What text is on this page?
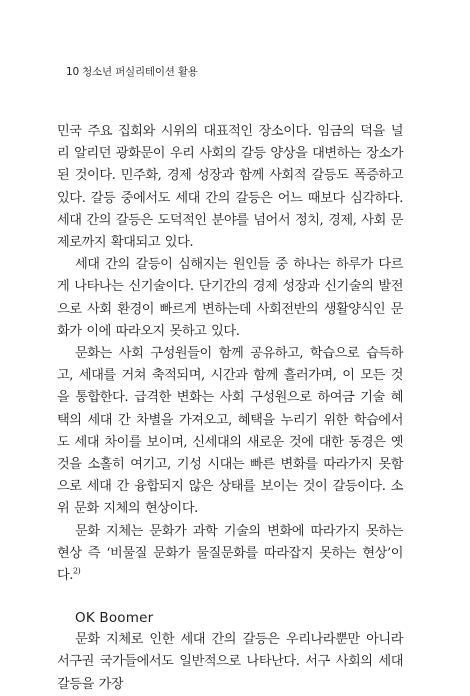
10 청소년 퍼실리테이션 활용

민국 주요 집회와 시위의 대표적인 장소이다. 임금의 덕을 널리 알리던 광화문이 우리 사회의 갈등 양상을 대변하는 장소가 된 것이다. 민주화, 경제 성장과 함께 사회적 갈등도 폭증하고 있다. 갈등 중에서도 세대 간의 갈등은 어느 때보다 심각하다. 세대 간의 갈등은 도덕적인 분야를 넘어서 정치, 경제, 사회 문제로까지 확대되고 있다.

세대 간의 갈등이 심해지는 원인들 중 하나는 하루가 다르게 나타나는 신기술이다. 단기간의 경제 성장과 신기술의 발전으로 사회 환경이 빠르게 변하는데 사회전반의 생활양식인 문화가 이에 따라오지 못하고 있다.

문화는 사회 구성원들이 함께 공유하고, 학습으로 습득하고, 세대를 거쳐 축적되며, 시간과 함께 흘러가며, 이 모든 것을 통합한다. 급격한 변화는 사회 구성원으로 하여금 기술 혜택의 세대 간 차별을 가져오고, 혜택을 누리기 위한 학습에서도 세대 차이를 보이며, 신세대의 새로운 것에 대한 동경은 옛것을 소홀히 여기고, 기성 시대는 빠른 변화를 따라가지 못함으로 세대 간 융합되지 않은 상태를 보이는 것이 갈등이다. 소위 문화 지체의 현상이다.

문화 지체는 문화가 과학 기술의 변화에 따라가지 못하는 현상 즉 ‘비물질 문화가 물질문화를 따라잡지 못하는 현상’이다.$^{2)}$

OK Boomer

문화 지체로 인한 세대 간의 갈등은 우리나라뿐만 아니라 서구권 국가들에서도 일반적으로 나타난다. 서구 사회의 세대 갈등을 가장
